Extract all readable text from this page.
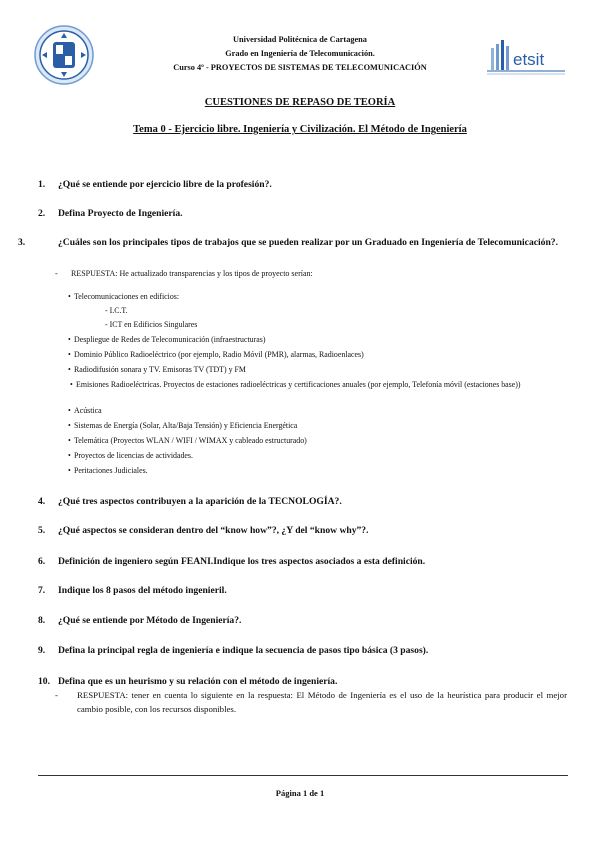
Universidad Politécnica de Cartagena
Grado en Ingeniería de Telecomunicación.
Curso 4º - PROYECTOS DE SISTEMAS DE TELECOMUNICACIÓN	etsit
CUESTIONES DE REPASO DE TEORÍA
Tema 0 - Ejercicio libre. Ingeniería y Civilización. El Método de Ingeniería
1. ¿Qué se entiende por ejercicio libre de la profesión?.
2. Defina Proyecto de Ingeniería.
3.	¿Cuáles son los principales tipos de trabajos que se pueden realizar por un Graduado en Ingeniería de Telecomunicación?.
- RESPUESTA: He actualizado transparencias y los tipos de proyecto serían:
• Telecomunicaciones en edificios:
- I.C.T.
- ICT en Edificios Singulares
• Despliegue de Redes de Telecomunicación (infraestructuras)
• Dominio Público Radioeléctrico (por ejemplo, Radio Móvil (PMR), alarmas, Radioenlaces)
• Radiodifusión sonara y TV. Emisoras TV (TDT) y FM
• Emisiones Radioeléctricas. Proyectos de estaciones radioeléctricas y certificaciones anuales (por ejemplo, Telefonía móvil (estaciones base))
• Acústica
• Sistemas de Energía (Solar, Alta/Baja Tensión) y Eficiencia Energética
• Telemática (Proyectos WLAN / WIFI / WIMAX y cableado estructurado)
• Proyectos de licencias de actividades.
• Peritaciones Judiciales.
4. ¿Qué tres aspectos contribuyen a la aparición de la TECNOLOGÍA?.
5. ¿Qué aspectos se consideran dentro del “know how”?, ¿Y del “know why”?.
6. Definición de ingeniero según FEANI.Indique los tres aspectos asociados a esta definición.
7. Indique los 8 pasos del método ingenieril.
8. ¿Qué se entiende por Método de Ingeniería?.
9. Defina la principal regla de ingeniería e indique la secuencia de pasos tipo básica (3 pasos).
10. Defina que es un heurismo y su relación con el método de ingeniería.
- RESPUESTA: tener en cuenta lo siguiente en la respuesta: El Método de Ingeniería es el uso de la heurística para producir el mejor cambio posible, con los recursos disponibles.
Página 1 de 1
